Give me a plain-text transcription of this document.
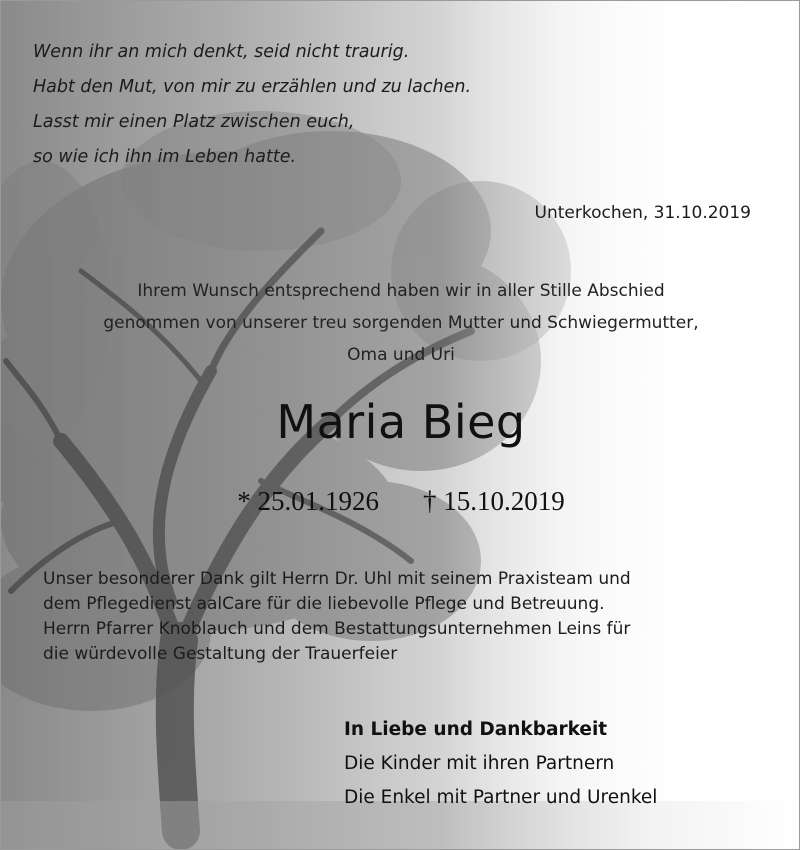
Wenn ihr an mich denkt, seid nicht traurig.
Habt den Mut, von mir zu erzählen und zu lachen.
Lasst mir einen Platz zwischen euch,
so wie ich ihn im Leben hatte.
Unterkochen, 31.10.2019
Ihrem Wunsch entsprechend haben wir in aller Stille Abschied
genommen von unserer treu sorgenden Mutter und Schwiegermutter,
Oma und Uri
Maria Bieg
* 25.01.1926 † 15.10.2019
Unser besonderer Dank gilt Herrn Dr. Uhl mit seinem Praxisteam und
dem Pflegedienst aalCare für die liebevolle Pflege und Betreuung.
Herrn Pfarrer Knoblauch und dem Bestattungsunternehmen Leins für
die würdevolle Gestaltung der Trauerfeier
In Liebe und Dankbarkeit
Die Kinder mit ihren Partnern
Die Enkel mit Partner und Urenkel
